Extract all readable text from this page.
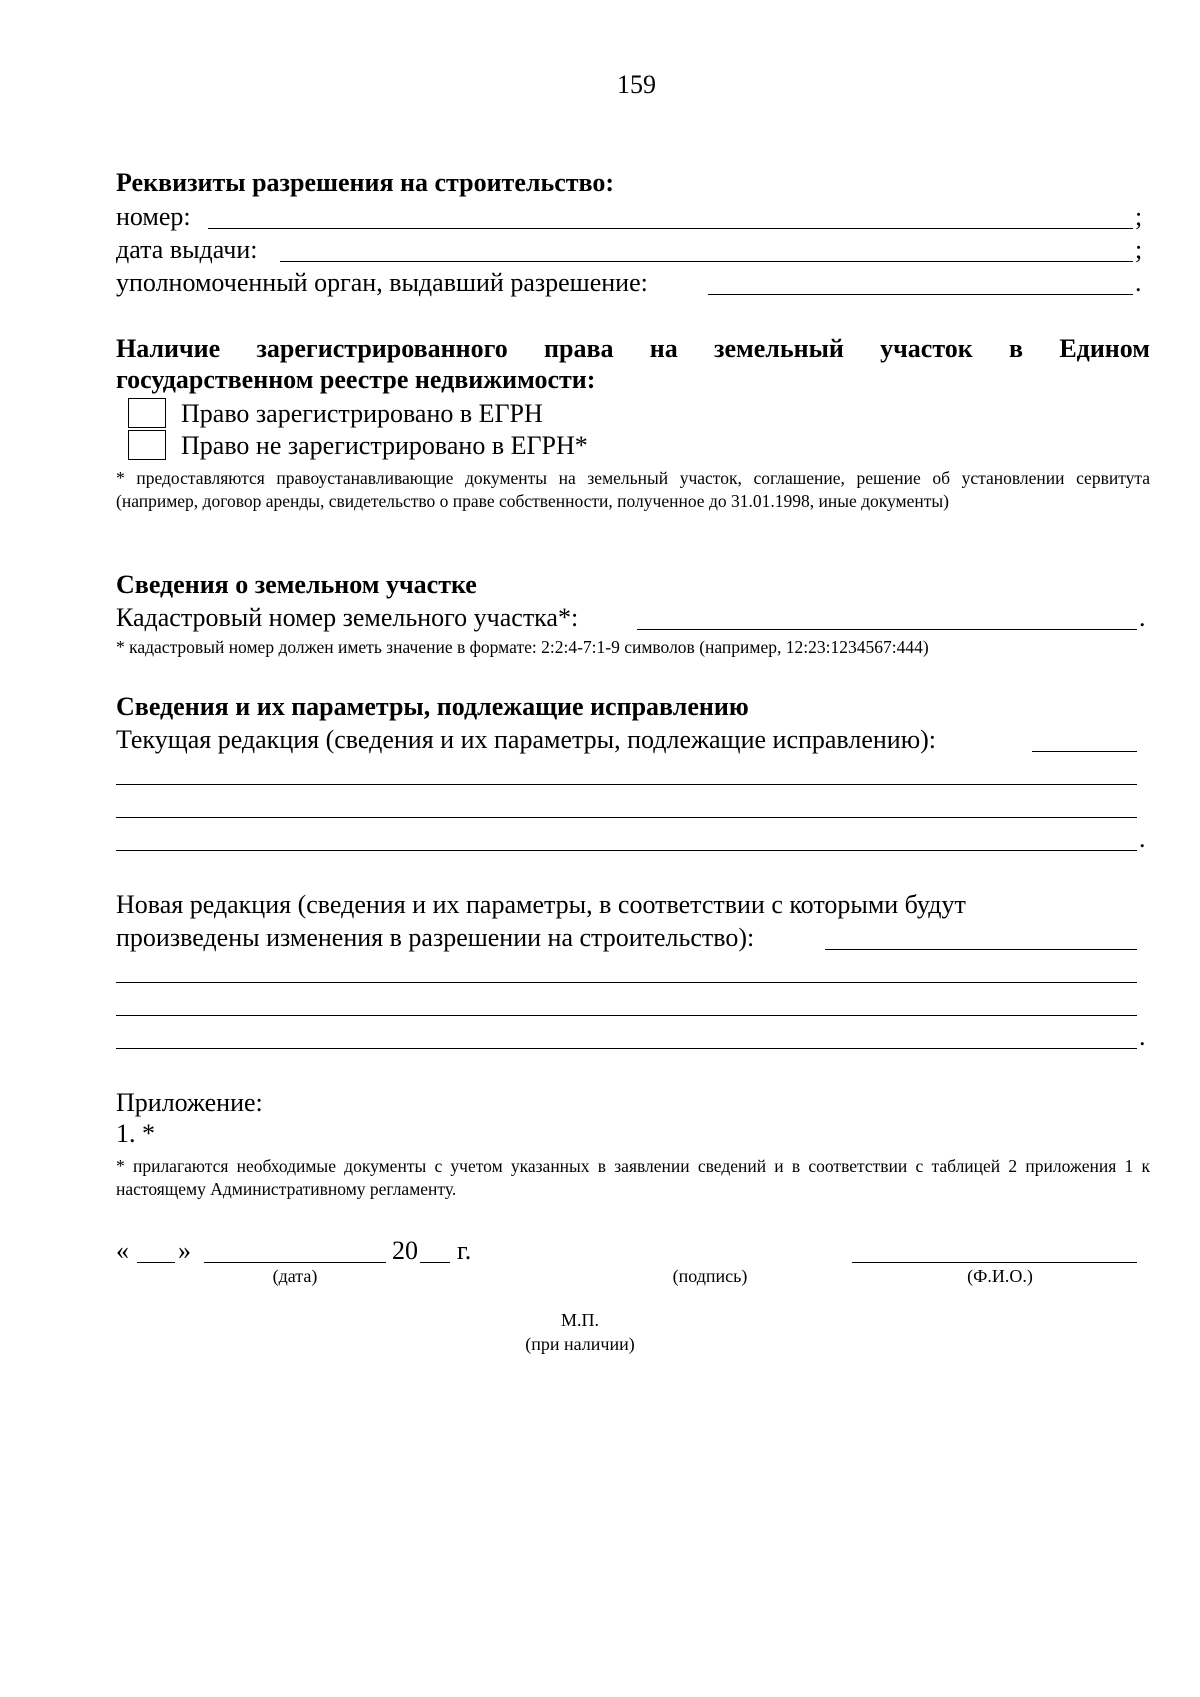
159
Реквизиты разрешения на строительство:
номер:	;
дата выдачи:	;
уполномоченный орган, выдавший разрешение:	.
Наличие зарегистрированного права на земельный участок в Едином
государственном реестре недвижимости:
Право зарегистрировано в ЕГРН
Право не зарегистрировано в ЕГРН*
* предоставляются правоустанавливающие документы на земельный участок, соглашение, решение об установлении сервитута (например, договор аренды, свидетельство о праве собственности, полученное до 31.01.1998, иные документы)
Сведения о земельном участке
Кадастровый номер земельного участка*:	.
* кадастровый номер должен иметь значение в формате: 2:2:4-7:1-9 символов (например, 12:23:1234567:444)
Сведения и их параметры, подлежащие исправлению
Текущая редакция (сведения и их параметры, подлежащие исправлению):
.
Новая редакция (сведения и их параметры, в соответствии с которыми будут
произведены изменения в разрешении на строительство):
.
Приложение:
1. *
* прилагаются необходимые документы с учетом указанных в заявлении сведений и в соответствии с таблицей 2 приложения 1 к настоящему Административному регламенту.
« »	20 г.
(дата)	(подпись)	(Ф.И.О.)
М.П.
(при наличии)
